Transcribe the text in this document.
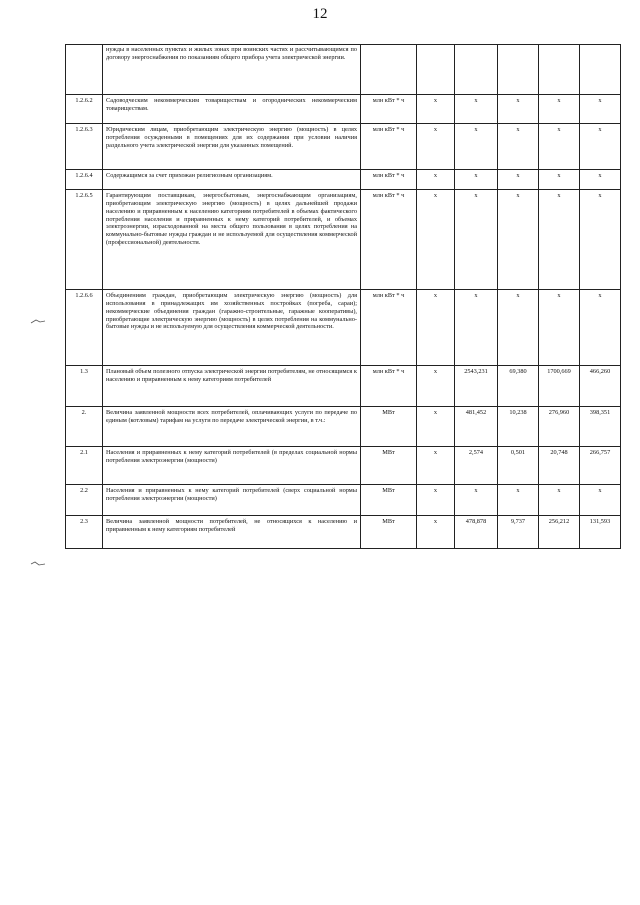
12
	нужды в населенных пунктах и жилых зонах при воинских частях и рассчитывающимся по договору энергоснабжения по показаниям общего прибора учета электрической энергии.						
1.2.6.2	Садоводческим некоммерческим товариществам и огороднических некоммерческим товариществам.	млн кВт * ч	x	x	x	x	x
1.2.6.3	Юридическим лицам, приобретающим электрическую энергию (мощность) в целях потребления осужденными в помещениях для их содержания при условии наличия раздельного учета электрической энергии для указанных помещений.	млн кВт * ч	x	x	x	x	x
1.2.6.4	Содержащимся за счет прихожан религиозным организациям.	млн кВт * ч	x	x	x	x	x
1.2.6.5	Гарантирующим поставщикам, энергосбытовым, энергоснабжающим организациям, приобретающим электрическую энергию (мощность) в целях дальнейшей продажи населению и приравненным к населению категориям потребителей в объемах фактического потребления населения и приравненных к нему категорий потребителей, и объемах электроэнергии, израсходованной на места общего пользования в целях потребления на коммунально-бытовые нужды граждан и не используемой для осуществления коммерческой (профессиональной) деятельности.	млн кВт * ч	x	x	x	x	x
1.2.6.6	Объединениям граждан, приобретающим электрическую энергию (мощность) для использования в принадлежащих им хозяйственных постройках (погреба, сараи); некоммерческие объединения граждан (гаражно-строительные, гаражные кооперативы), приобретающие электрическую энергию (мощность) в целях потребления на коммунально-бытовые нужды и не используемую для осуществления коммерческой деятельности.	млн кВт * ч	x	x	x	x	x
1.3	Плановый объем полезного отпуска электрической энергии потребителям, не относящимся к населению и приравненным к нему категориям потребителей	млн кВт * ч	x	2543,231	69,380	1700,669	466,260
2.	Величина заявленной мощности всех потребителей, оплачивающих услуги по передаче по единым (котловым) тарифам на услуги по передаче электрической энергии, в т.ч.:	МВт	x	481,452	10,238	276,960	398,351
2.1	Населения и приравненных к нему категорий потребителей (в пределах социальной нормы потребления электроэнергии (мощности)	МВт	x	2,574	0,501	20,748	266,757
2.2	Населения и приравненных к нему категорий потребителей (сверх социальной нормы потребления электроэнергии (мощности)	МВт	x	x	x	x	x
2.3	Величина заявленной мощности потребителей, не относящихся к населению и приравненным к нему категориям потребителей	МВт	x	478,878	9,737	256,212	131,593
